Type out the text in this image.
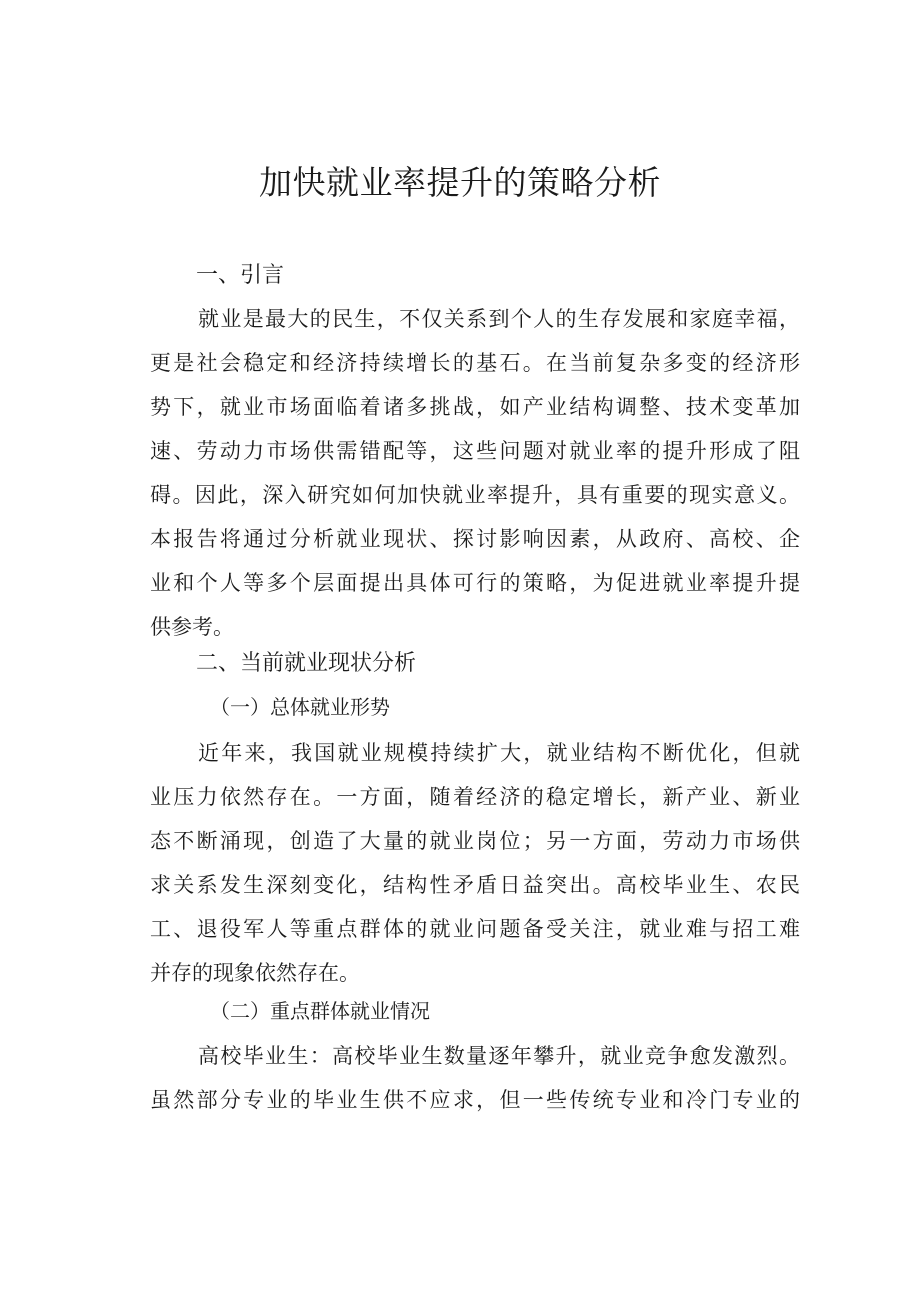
加快就业率提升的策略分析
一、引言
就业是最大的民生，不仅关系到个人的生存发展和家庭幸福，
更是社会稳定和经济持续增长的基石。在当前复杂多变的经济形
势下，就业市场面临着诸多挑战，如产业结构调整、技术变革加
速、劳动力市场供需错配等，这些问题对就业率的提升形成了阻
碍。因此，深入研究如何加快就业率提升，具有重要的现实意义。
本报告将通过分析就业现状、探讨影响因素，从政府、高校、企
业和个人等多个层面提出具体可行的策略，为促进就业率提升提
供参考。
二、当前就业现状分析
（一）总体就业形势
近年来，我国就业规模持续扩大，就业结构不断优化，但就
业压力依然存在。一方面，随着经济的稳定增长，新产业、新业
态不断涌现，创造了大量的就业岗位；另一方面，劳动力市场供
求关系发生深刻变化，结构性矛盾日益突出。高校毕业生、农民
工、退役军人等重点群体的就业问题备受关注，就业难与招工难
并存的现象依然存在。
（二）重点群体就业情况
高校毕业生：高校毕业生数量逐年攀升，就业竞争愈发激烈。
虽然部分专业的毕业生供不应求，但一些传统专业和冷门专业的
